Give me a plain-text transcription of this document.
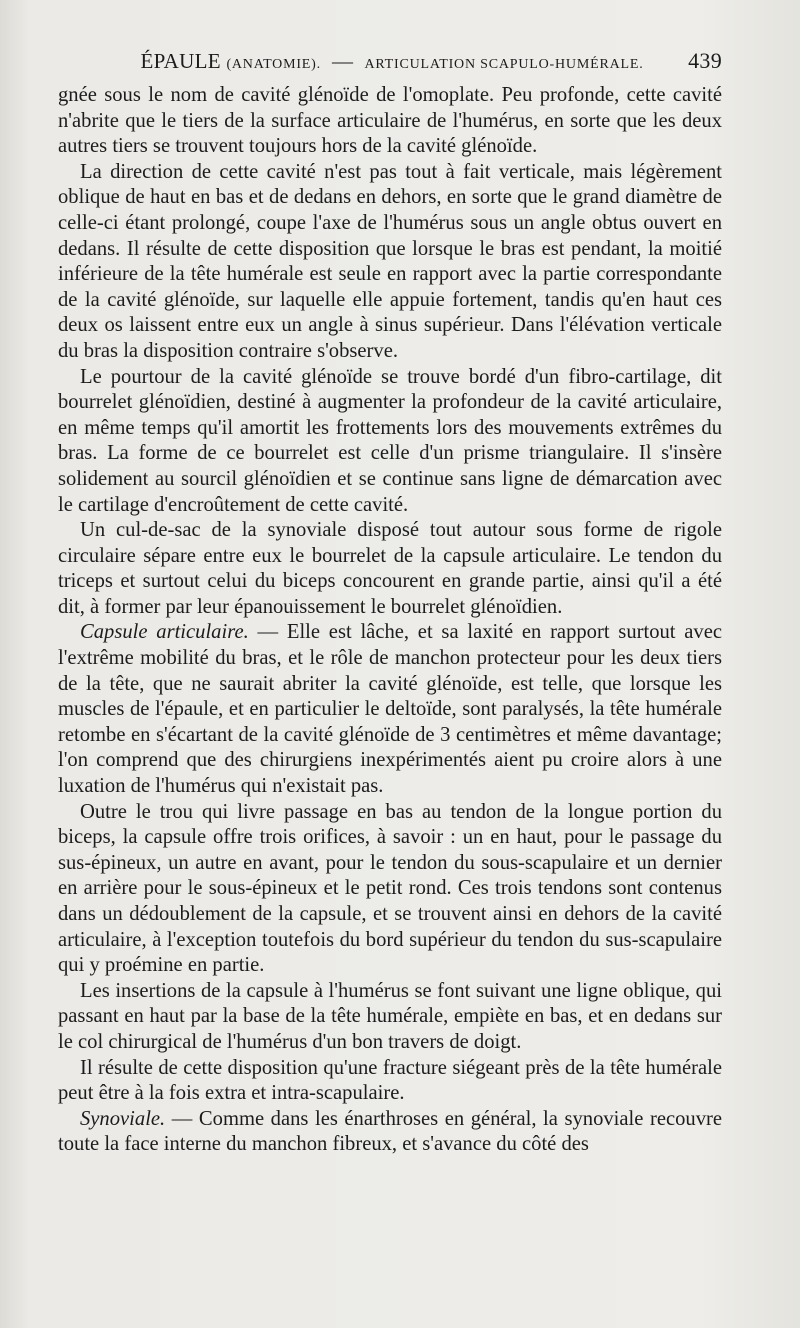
ÉPAULE (ANATOMIE). — ARTICULATION SCAPULO-HUMÉRALE. 439

gnée sous le nom de cavité glénoïde de l'omoplate. Peu profonde, cette cavité n'abrite que le tiers de la surface articulaire de l'humérus, en sorte que les deux autres tiers se trouvent toujours hors de la cavité glénoïde.

La direction de cette cavité n'est pas tout à fait verticale, mais légèrement oblique de haut en bas et de dedans en dehors, en sorte que le grand diamètre de celle-ci étant prolongé, coupe l'axe de l'humérus sous un angle obtus ouvert en dedans. Il résulte de cette disposition que lorsque le bras est pendant, la moitié inférieure de la tête humérale est seule en rapport avec la partie correspondante de la cavité glénoïde, sur laquelle elle appuie fortement, tandis qu'en haut ces deux os laissent entre eux un angle à sinus supérieur. Dans l'élévation verticale du bras la disposition contraire s'observe.

Le pourtour de la cavité glénoïde se trouve bordé d'un fibro-cartilage, dit bourrelet glénoïdien, destiné à augmenter la profondeur de la cavité articulaire, en même temps qu'il amortit les frottements lors des mouvements extrêmes du bras. La forme de ce bourrelet est celle d'un prisme triangulaire. Il s'insère solidement au sourcil glénoïdien et se continue sans ligne de démarcation avec le cartilage d'encroûtement de cette cavité.

Un cul-de-sac de la synoviale disposé tout autour sous forme de rigole circulaire sépare entre eux le bourrelet de la capsule articulaire. Le tendon du triceps et surtout celui du biceps concourent en grande partie, ainsi qu'il a été dit, à former par leur épanouissement le bourrelet glénoïdien.

Capsule articulaire. — Elle est lâche, et sa laxité en rapport surtout avec l'extrême mobilité du bras, et le rôle de manchon protecteur pour les deux tiers de la tête, que ne saurait abriter la cavité glénoïde, est telle, que lorsque les muscles de l'épaule, et en particulier le deltoïde, sont paralysés, la tête humérale retombe en s'écartant de la cavité glénoïde de 3 centimètres et même davantage; l'on comprend que des chirurgiens inexpérimentés aient pu croire alors à une luxation de l'humérus qui n'existait pas.

Outre le trou qui livre passage en bas au tendon de la longue portion du biceps, la capsule offre trois orifices, à savoir : un en haut, pour le passage du sus-épineux, un autre en avant, pour le tendon du sous-scapulaire et un dernier en arrière pour le sous-épineux et le petit rond. Ces trois tendons sont contenus dans un dédoublement de la capsule, et se trouvent ainsi en dehors de la cavité articulaire, à l'exception toutefois du bord supérieur du tendon du sus-scapulaire qui y proémine en partie.

Les insertions de la capsule à l'humérus se font suivant une ligne oblique, qui passant en haut par la base de la tête humérale, empiète en bas, et en dedans sur le col chirurgical de l'humérus d'un bon travers de doigt.

Il résulte de cette disposition qu'une fracture siégeant près de la tête humérale peut être à la fois extra et intra-scapulaire.

Synoviale. — Comme dans les énarthroses en général, la synoviale recouvre toute la face interne du manchon fibreux, et s'avance du côté des
